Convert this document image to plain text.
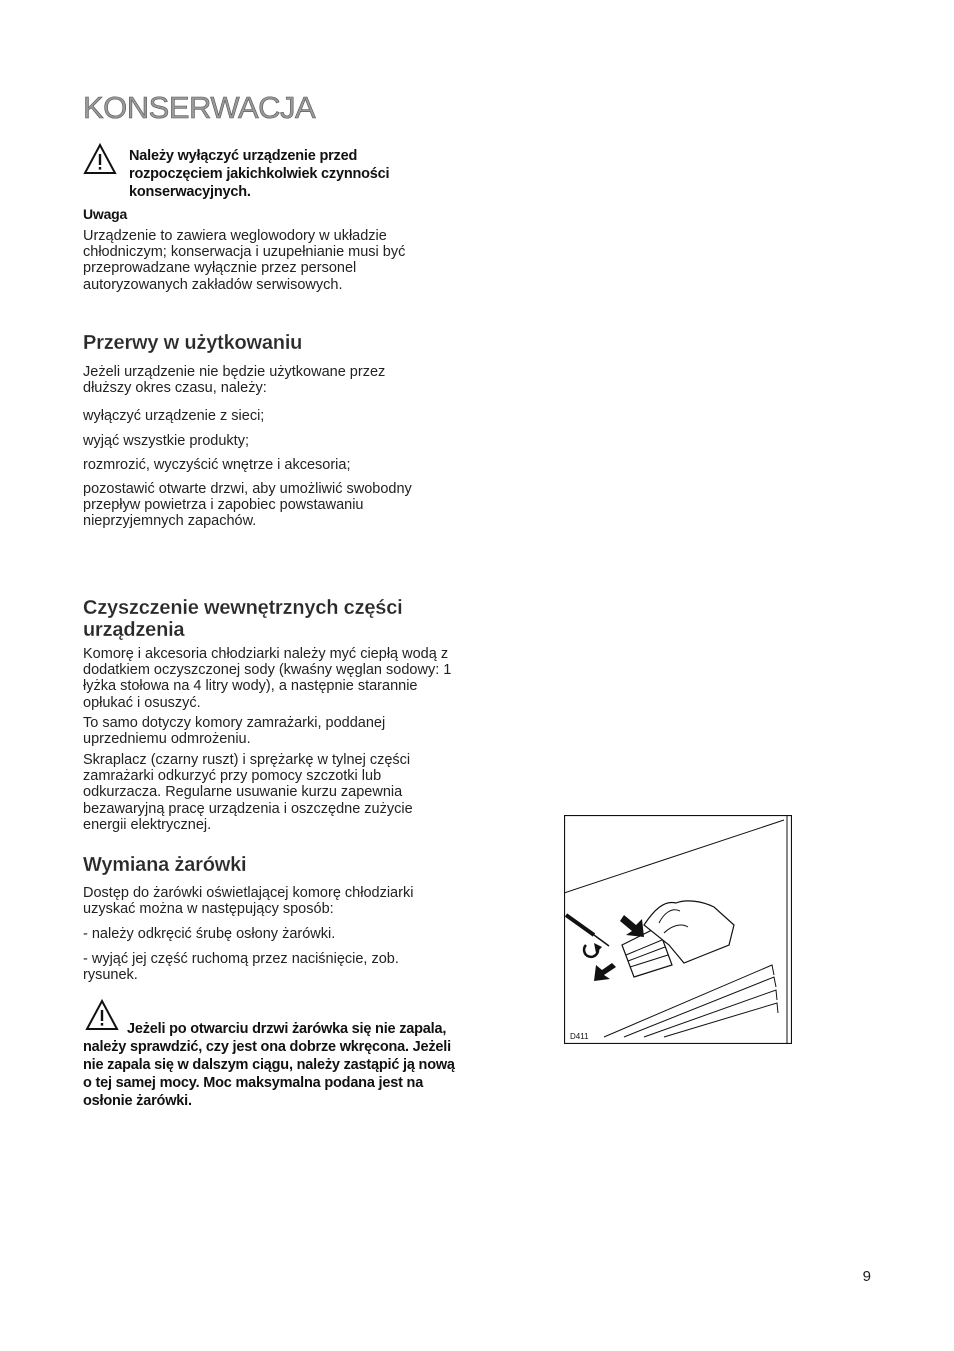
KONSERWACJA

Należy wyłączyć urządzenie przed rozpoczęciem jakichkolwiek czynności konserwacyjnych.

Uwaga

Urządzenie to zawiera weglowodory w układzie chłodniczym; konserwacja i uzupełnianie musi być przeprowadzane wyłącznie przez personel autoryzowanych zakładów serwisowych.

Przerwy w użytkowaniu

Jeżeli urządzenie nie będzie użytkowane przez dłuższy okres czasu, należy:

wyłączyć urządzenie z sieci;

wyjąć wszystkie produkty;

rozmrozić, wyczyścić wnętrze i akcesoria;

pozostawić otwarte drzwi, aby umożliwić swobodny przepływ powietrza i zapobiec powstawaniu nieprzyjemnych zapachów.

Czyszczenie wewnętrznych części urządzenia

Komorę i akcesoria chłodziarki należy myć ciepłą wodą z dodatkiem oczyszczonej sody (kwaśny węglan sodowy: 1 łyżka stołowa na 4 litry wody), a następnie starannie opłukać i osuszyć.

To samo dotyczy komory zamrażarki, poddanej uprzedniemu odmrożeniu.

Skraplacz (czarny ruszt) i sprężarkę w tylnej części zamrażarki odkurzyć przy pomocy szczotki lub odkurzacza. Regularne usuwanie kurzu zapewnia bezawaryjną pracę urządzenia i oszczędne zużycie energii elektrycznej.

Wymiana żarówki

Dostęp do żarówki oświetlającej komorę chłodziarki uzyskać można w następujący sposób:

- należy odkręcić śrubę osłony żarówki.

- wyjąć jej część ruchomą przez naciśnięcie, zob. rysunek.

Jeżeli po otwarciu drzwi żarówka się nie zapala, należy sprawdzić, czy jest ona dobrze wkręcona. Jeżeli nie zapala się w dalszym ciągu, należy zastąpić ją nową o tej samej mocy. Moc maksymalna podana jest na osłonie żarówki.

D411
9
